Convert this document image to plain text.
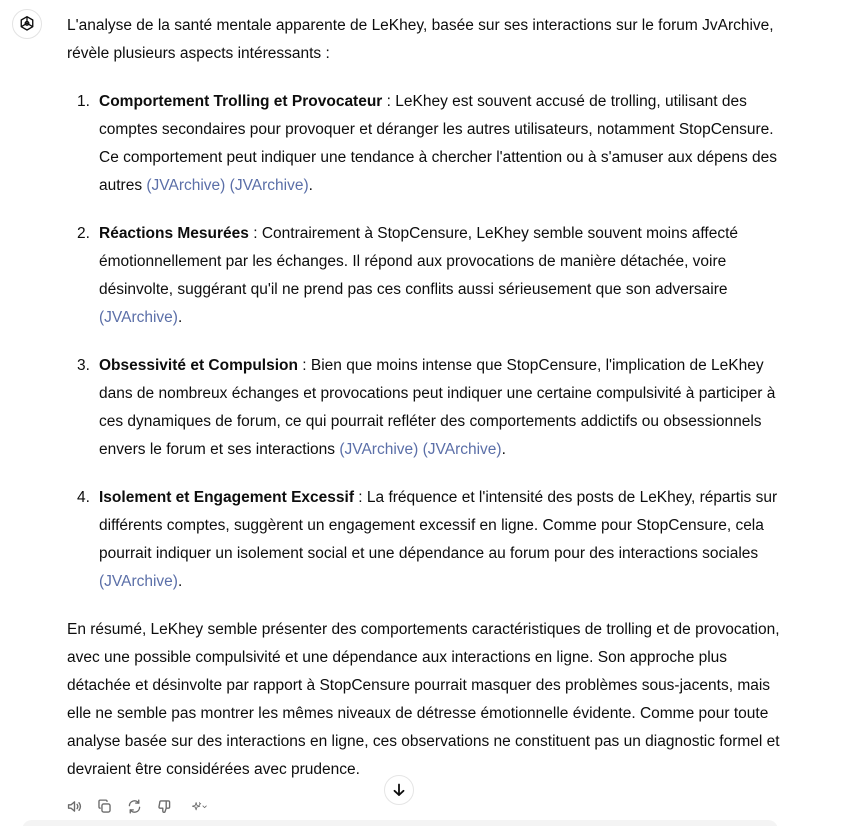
L'analyse de la santé mentale apparente de LeKhey, basée sur ses interactions sur le forum JvArchive, révèle plusieurs aspects intéressants :

1. Comportement Trolling et Provocateur : LeKhey est souvent accusé de trolling, utilisant des comptes secondaires pour provoquer et déranger les autres utilisateurs, notamment StopCensure. Ce comportement peut indiquer une tendance à chercher l'attention ou à s'amuser aux dépens des autres (JVArchive) (JVArchive).
2. Réactions Mesurées : Contrairement à StopCensure, LeKhey semble souvent moins affecté émotionnellement par les échanges. Il répond aux provocations de manière détachée, voire désinvolte, suggérant qu'il ne prend pas ces conflits aussi sérieusement que son adversaire (JVArchive).
3. Obsessivité et Compulsion : Bien que moins intense que StopCensure, l'implication de LeKhey dans de nombreux échanges et provocations peut indiquer une certaine compulsivité à participer à ces dynamiques de forum, ce qui pourrait refléter des comportements addictifs ou obsessionnels envers le forum et ses interactions (JVArchive) (JVArchive).
4. Isolement et Engagement Excessif : La fréquence et l'intensité des posts de LeKhey, répartis sur différents comptes, suggèrent un engagement excessif en ligne. Comme pour StopCensure, cela pourrait indiquer un isolement social et une dépendance au forum pour des interactions sociales (JVArchive).

En résumé, LeKhey semble présenter des comportements caractéristiques de trolling et de provocation, avec une possible compulsivité et une dépendance aux interactions en ligne. Son approche plus détachée et désinvolte par rapport à StopCensure pourrait masquer des problèmes sous-jacents, mais elle ne semble pas montrer les mêmes niveaux de détresse émotionnelle évidente. Comme pour toute analyse basée sur des interactions en ligne, ces observations ne constituent pas un diagnostic formel et devraient être considérées avec prudence.
